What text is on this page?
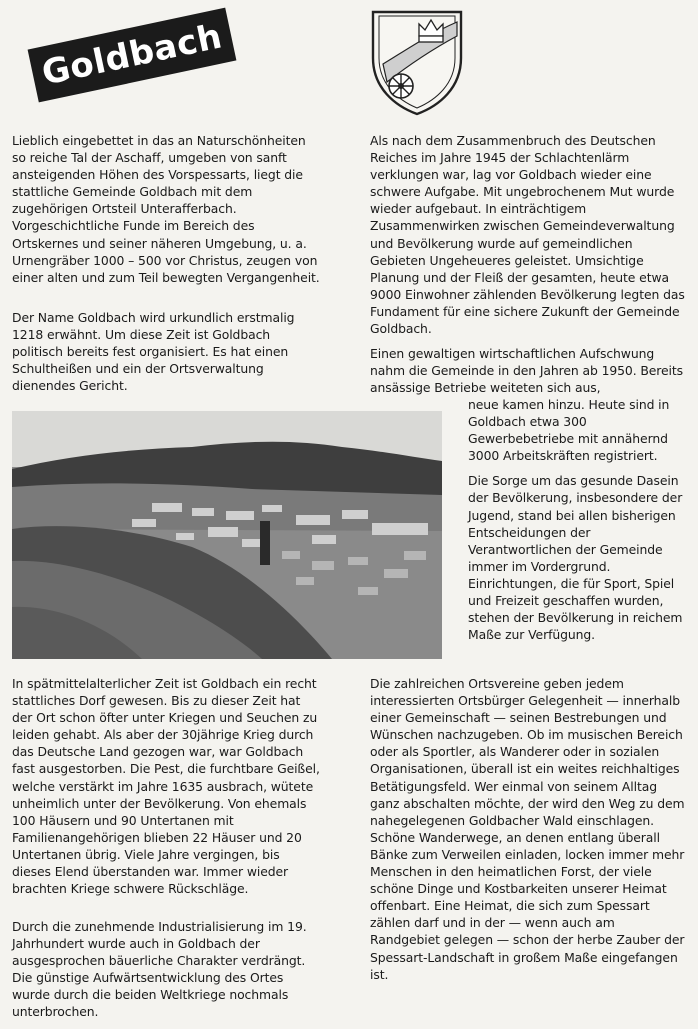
Goldbach
Lieblich eingebettet in das an Naturschönheiten so reiche Tal der Aschaff, umgeben von sanft ansteigenden Höhen des Vorspessarts, liegt die stattliche Gemeinde Goldbach mit dem zugehörigen Ortsteil Unterafferbach. Vorgeschichtliche Funde im Bereich des Ortskernes und seiner näheren Umgebung, u. a. Urnengräber 1000 – 500 vor Christus, zeugen von einer alten und zum Teil bewegten Vergangenheit.
Der Name Goldbach wird urkundlich erstmalig 1218 erwähnt. Um diese Zeit ist Goldbach politisch bereits fest organisiert. Es hat einen Schultheißen und ein der Ortsverwaltung dienendes Gericht.
Als nach dem Zusammenbruch des Deutschen Reiches im Jahre 1945 der Schlachtenlärm verklungen war, lag vor Goldbach wieder eine schwere Aufgabe. Mit ungebrochenem Mut wurde wieder aufgebaut. In einträchtigem Zusammenwirken zwischen Gemeindeverwaltung und Bevölkerung wurde auf gemeindlichen Gebieten Ungeheueres geleistet. Umsichtige Planung und der Fleiß der gesamten, heute etwa 9000 Einwohner zählenden Bevölkerung legten das Fundament für eine sichere Zukunft der Gemeinde Goldbach.
Einen gewaltigen wirtschaftlichen Aufschwung nahm die Gemeinde in den Jahren ab 1950. Bereits ansässige Betriebe weiteten sich aus,
neue kamen hinzu. Heute sind in Goldbach etwa 300 Gewerbebetriebe mit annähernd 3000 Arbeitskräften registriert.
Die Sorge um das gesunde Dasein der Bevölkerung, insbesondere der Jugend, stand bei allen bisherigen Entscheidungen der Verantwortlichen der Gemeinde immer im Vordergrund. Einrichtungen, die für Sport, Spiel und Freizeit geschaffen wurden, stehen der Bevölkerung in reichem Maße zur Verfügung.
In spätmittelalterlicher Zeit ist Goldbach ein recht stattliches Dorf gewesen. Bis zu dieser Zeit hat der Ort schon öfter unter Kriegen und Seuchen zu leiden gehabt. Als aber der 30jährige Krieg durch das Deutsche Land gezogen war, war Goldbach fast ausgestorben. Die Pest, die furchtbare Geißel, welche verstärkt im Jahre 1635 ausbrach, wütete unheimlich unter der Bevölkerung. Von ehemals 100 Häusern und 90 Untertanen mit Familienangehörigen blieben 22 Häuser und 20 Untertanen übrig. Viele Jahre vergingen, bis dieses Elend überstanden war. Immer wieder brachten Kriege schwere Rückschläge.
Durch die zunehmende Industrialisierung im 19. Jahrhundert wurde auch in Goldbach der ausgesprochen bäuerliche Charakter verdrängt. Die günstige Aufwärtsentwicklung des Ortes wurde durch die beiden Weltkriege nochmals unterbrochen.
Die zahlreichen Ortsvereine geben jedem interessierten Ortsbürger Gelegenheit — innerhalb einer Gemeinschaft — seinen Bestrebungen und Wünschen nachzugeben. Ob im musischen Bereich oder als Sportler, als Wanderer oder in sozialen Organisationen, überall ist ein weites reichhaltiges Betätigungsfeld. Wer einmal von seinem Alltag ganz abschalten möchte, der wird den Weg zu dem nahegelegenen Goldbacher Wald einschlagen. Schöne Wanderwege, an denen entlang überall Bänke zum Verweilen einladen, locken immer mehr Menschen in den heimatlichen Forst, der viele schöne Dinge und Kostbarkeiten unserer Heimat offenbart. Eine Heimat, die sich zum Spessart zählen darf und in der — wenn auch am Randgebiet gelegen — schon der herbe Zauber der Spessart-Landschaft in großem Maße eingefangen ist.
